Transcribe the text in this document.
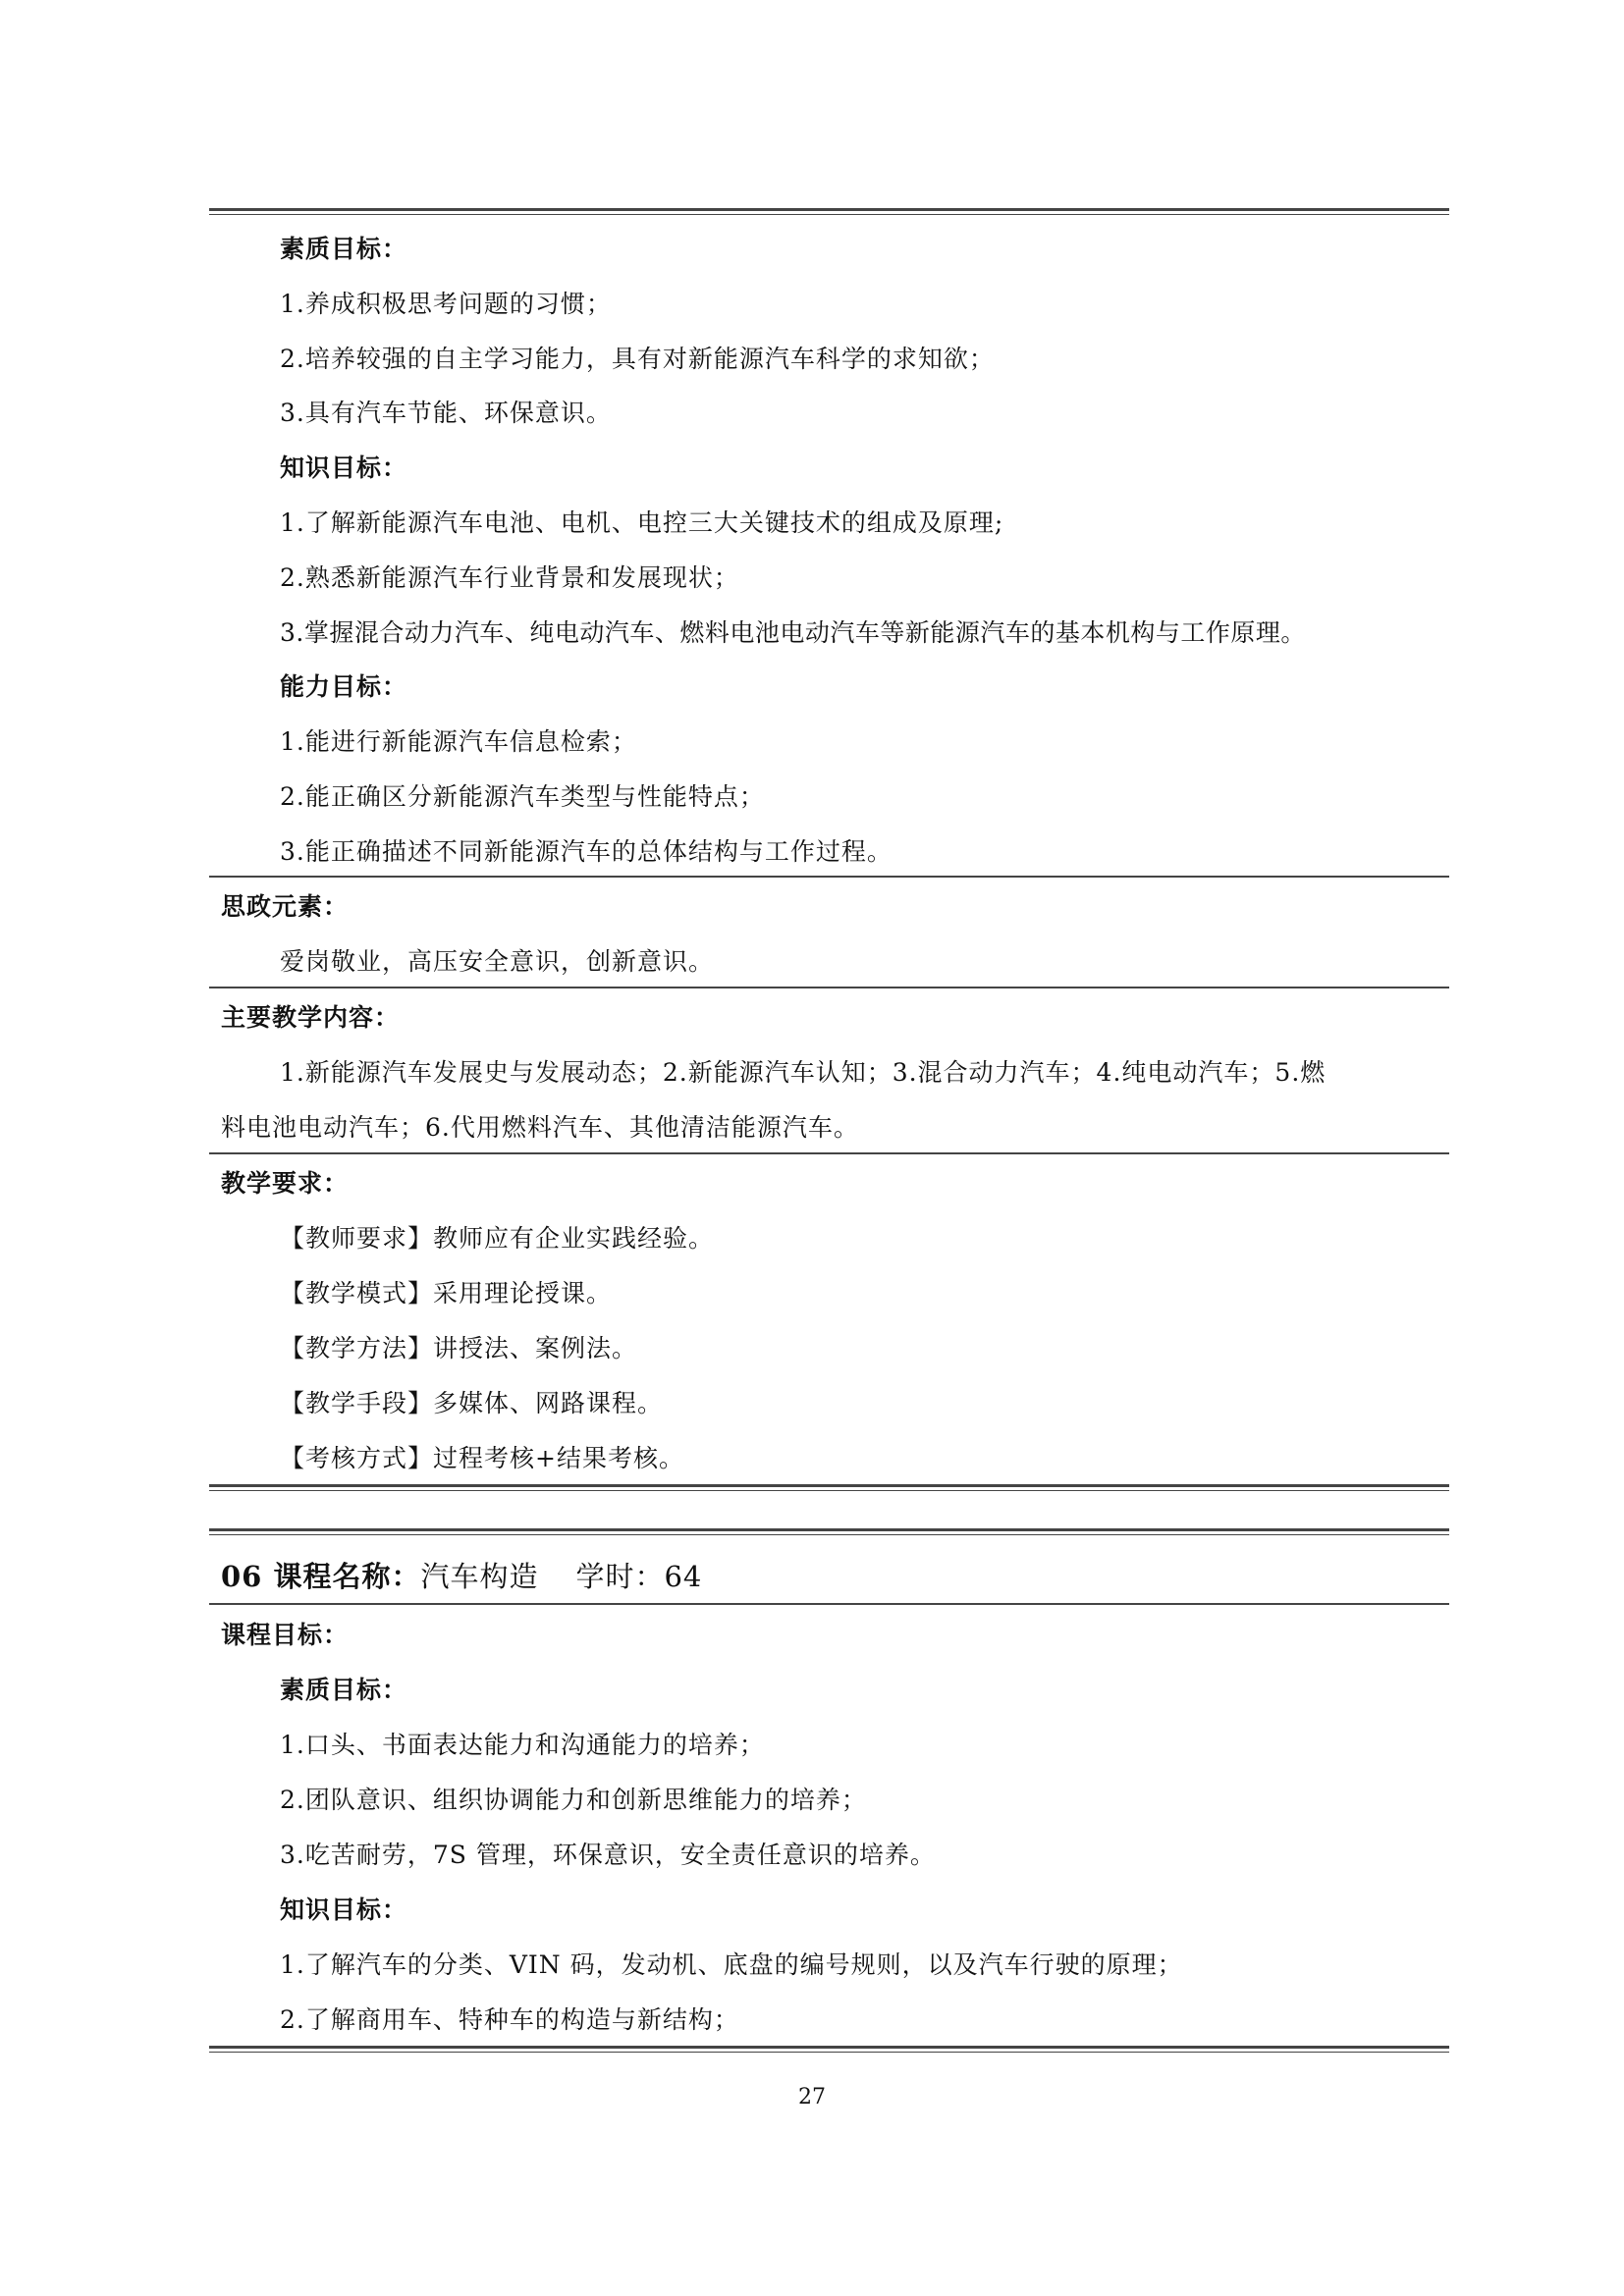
素质目标：
1.养成积极思考问题的习惯；
2.培养较强的自主学习能力，具有对新能源汽车科学的求知欲；
3.具有汽车节能、环保意识。
知识目标：
1.了解新能源汽车电池、电机、电控三大关键技术的组成及原理;
2.熟悉新能源汽车行业背景和发展现状；
3.掌握混合动力汽车、纯电动汽车、燃料电池电动汽车等新能源汽车的基本机构与工作原理。
能力目标：
1.能进行新能源汽车信息检索；
2.能正确区分新能源汽车类型与性能特点；
3.能正确描述不同新能源汽车的总体结构与工作过程。
思政元素：
爱岗敬业，高压安全意识，创新意识。
主要教学内容：
1.新能源汽车发展史与发展动态；2.新能源汽车认知；3.混合动力汽车；4.纯电动汽车；5.燃
料电池电动汽车；6.代用燃料汽车、其他清洁能源汽车。
教学要求：
【教师要求】教师应有企业实践经验。
【教学模式】采用理论授课。
【教学方法】讲授法、案例法。
【教学手段】多媒体、网路课程。
【考核方式】过程考核+结果考核。
06 课程名称：汽车构造 学时：64
课程目标：
素质目标：
1.口头、书面表达能力和沟通能力的培养；
2.团队意识、组织协调能力和创新思维能力的培养；
3.吃苦耐劳，7S 管理，环保意识，安全责任意识的培养。
知识目标：
1.了解汽车的分类、VIN 码，发动机、底盘的编号规则，以及汽车行驶的原理；
2.了解商用车、特种车的构造与新结构；
27
